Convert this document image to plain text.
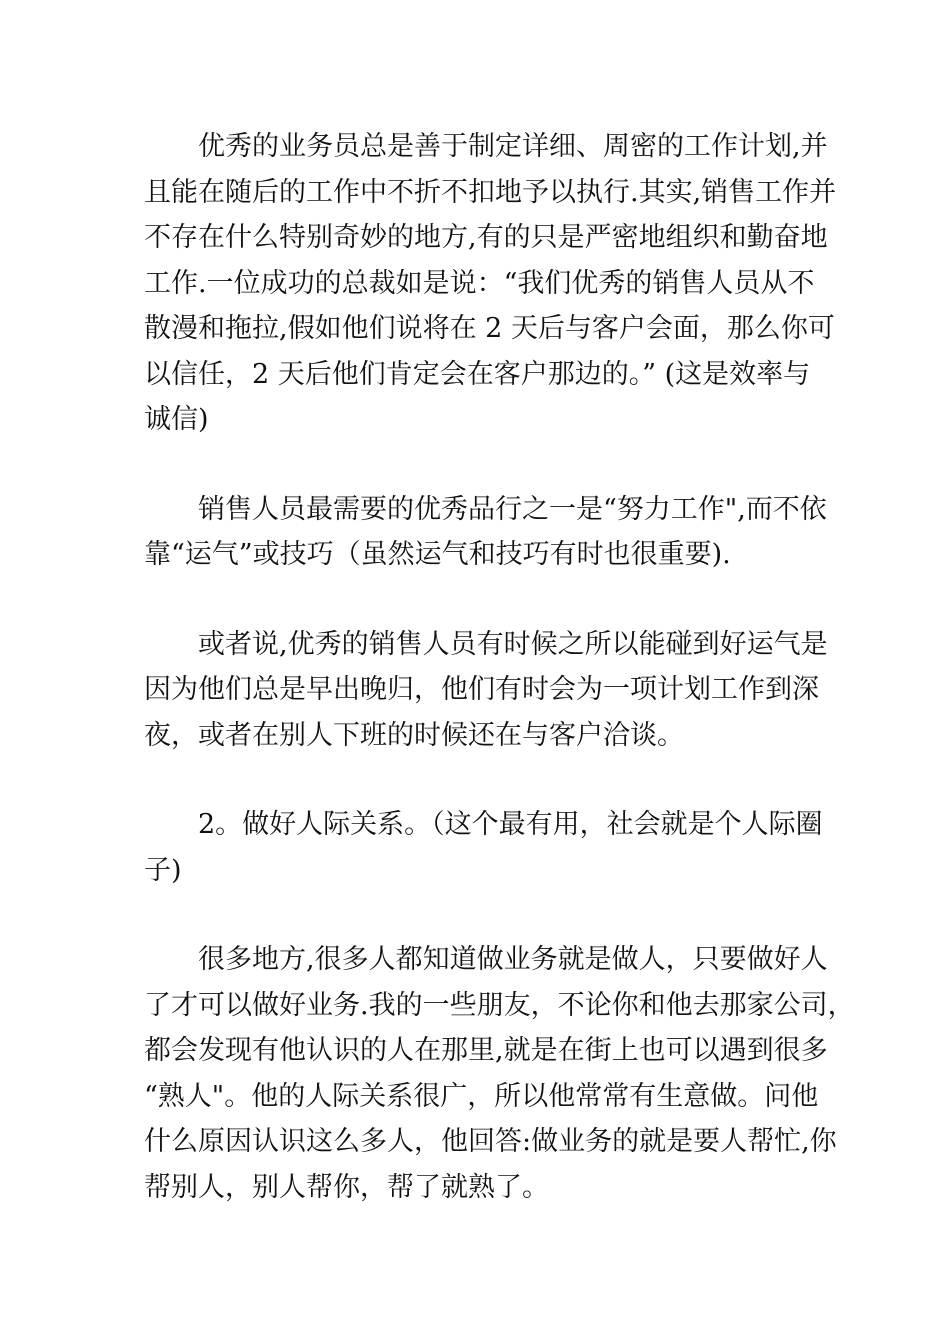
优秀的业务员总是善于制定详细、周密的工作计划,并
且能在随后的工作中不折不扣地予以执行.其实,销售工作并
不存在什么特别奇妙的地方,有的只是严密地组织和勤奋地
工作.一位成功的总裁如是说：“我们优秀的销售人员从不
散漫和拖拉,假如他们说将在 2 天后与客户会面，那么你可
以信任，2 天后他们肯定会在客户那边的。” (这是效率与
诚信)

销售人员最需要的优秀品行之一是“努力工作",而不依
靠“运气”或技巧（虽然运气和技巧有时也很重要).

或者说,优秀的销售人员有时候之所以能碰到好运气是
因为他们总是早出晚归，他们有时会为一项计划工作到深
夜，或者在别人下班的时候还在与客户洽谈。

2。做好人际关系。（这个最有用，社会就是个人际圈
子)

很多地方,很多人都知道做业务就是做人，只要做好人
了才可以做好业务.我的一些朋友，不论你和他去那家公司，
都会发现有他认识的人在那里,就是在街上也可以遇到很多
“熟人"。他的人际关系很广，所以他常常有生意做。问他
什么原因认识这么多人，他回答:做业务的就是要人帮忙,你
帮别人，别人帮你，帮了就熟了。
